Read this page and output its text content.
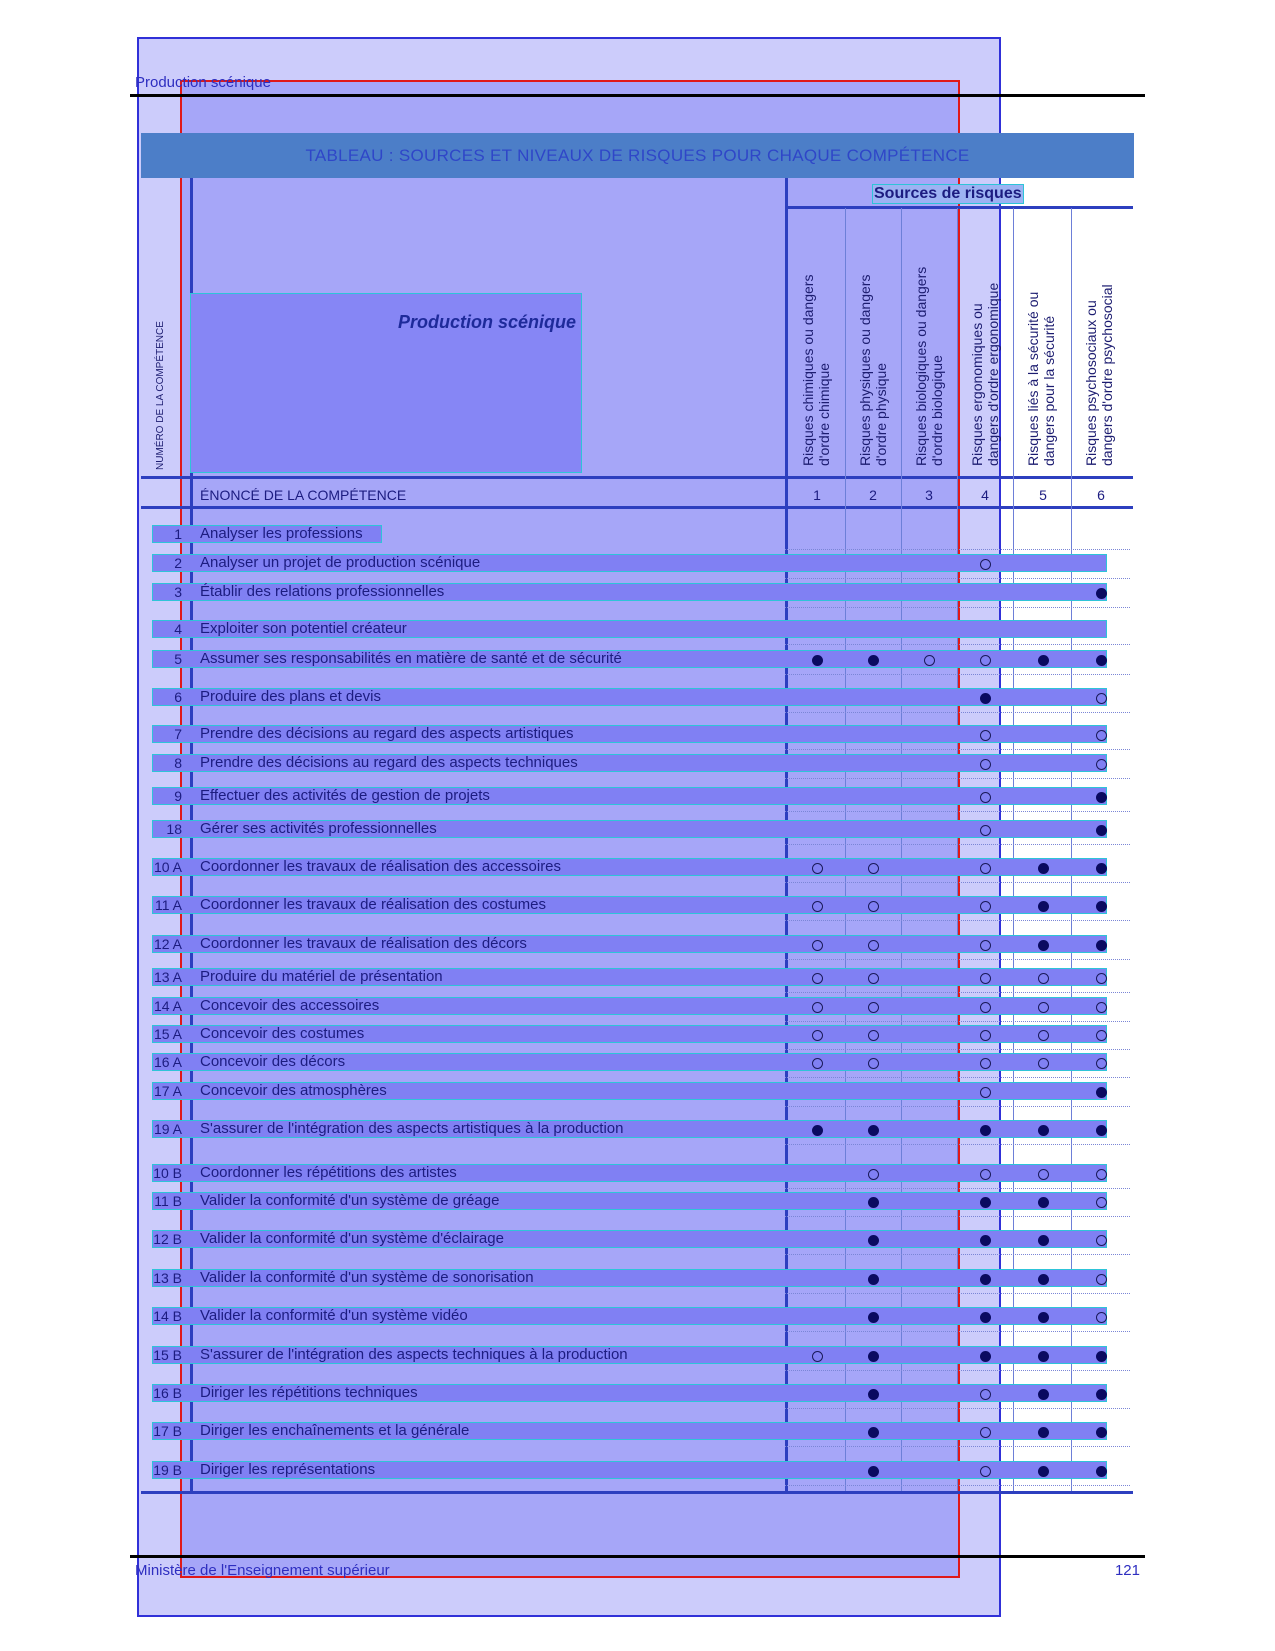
Production scénique
Ministère de l'Enseignement supérieur	121
TABLEAU : SOURCES ET NIVEAUX DE RISQUES POUR CHAQUE COMPÉTENCE
Production scénique
NUMÉRO DE LA COMPÉTENCE
Sources de risques
ÉNONCÉ DE LA COMPÉTENCE
Risques chimiques ou dangers d'ordre chimique
1
Risques physiques ou dangers d'ordre physique
2
Risques biologiques ou dangers d'ordre biologique
3
Risques ergonomiques ou dangers d'ordre ergonomique
4
Risques liés à la sécurité ou dangers pour la sécurité
5
Risques psychosociaux ou dangers d'ordre psychosocial
6
1 Analyser les professions
2 Analyser un projet de production scénique
3 Établir des relations professionnelles
4 Exploiter son potentiel créateur
5 Assumer ses responsabilités en matière de santé et de sécurité
6 Produire des plans et devis
7 Prendre des décisions au regard des aspects artistiques
8 Prendre des décisions au regard des aspects techniques
9 Effectuer des activités de gestion de projets
18 Gérer ses activités professionnelles
10 A Coordonner les travaux de réalisation des accessoires
11 A Coordonner les travaux de réalisation des costumes
12 A Coordonner les travaux de réalisation des décors
13 A Produire du matériel de présentation
14 A Concevoir des accessoires
15 A Concevoir des costumes
16 A Concevoir des décors
17 A Concevoir des atmosphères
19 A S'assurer de l'intégration des aspects artistiques à la production
10 B Coordonner les répétitions des artistes
11 B Valider la conformité d'un système de gréage
12 B Valider la conformité d'un système d'éclairage
13 B Valider la conformité d'un système de sonorisation
14 B Valider la conformité d'un système vidéo
15 B S'assurer de l'intégration des aspects techniques à la production
16 B Diriger les répétitions techniques
17 B Diriger les enchaînements et la générale
19 B Diriger les représentations
